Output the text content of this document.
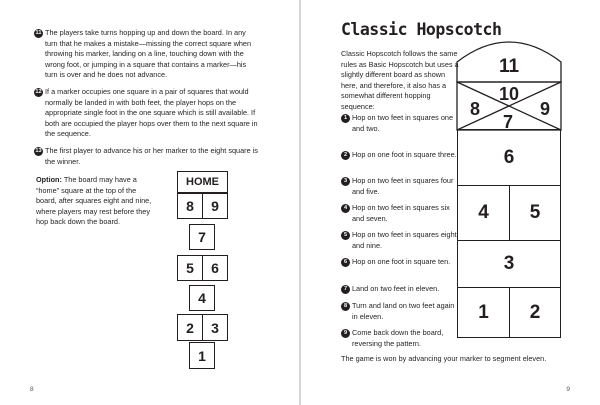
11 The players take turns hopping up and down the board. In any turn that he makes a mistake—missing the correct square when throwing his marker, landing on a line, touching down with the wrong foot, or jumping in a square that contains a marker—his turn is over and he does not advance.
12 If a marker occupies one square in a pair of squares that would normally be landed in with both feet, the player hops on the appropriate single foot in the one square which is still available. If both are occupied the player hops over them to the next square in the sequence.
13 The first player to advance his or her marker to the eight square is the winner.
Option: The board may have a “home” square at the top of the board, after squares eight and nine, where players may rest before they hop back down the board.
HOME
8	9
7
5	6
4
2	3
1
8
Classic Hopscotch
Classic Hopscotch follows the same rules as Basic Hopscotch but uses a slightly different board as shown here, and therefore, it also has a somewhat different hopping sequence:
1 Hop on two feet in squares one and two.
2 Hop on one foot in square three.
3 Hop on two feet in squares four and five.
4 Hop on two feet in squares six and seven.
5 Hop on two feet in squares eight and nine.
6 Hop on one foot in square ten.
7 Land on two feet in eleven.
8 Turn and land on two feet again in eleven.
9 Come back down the board, reversing the pattern.
The game is won by advancing your marker to segment eleven.
11
10
8	9
7
6
4	5
3
1	2
9
